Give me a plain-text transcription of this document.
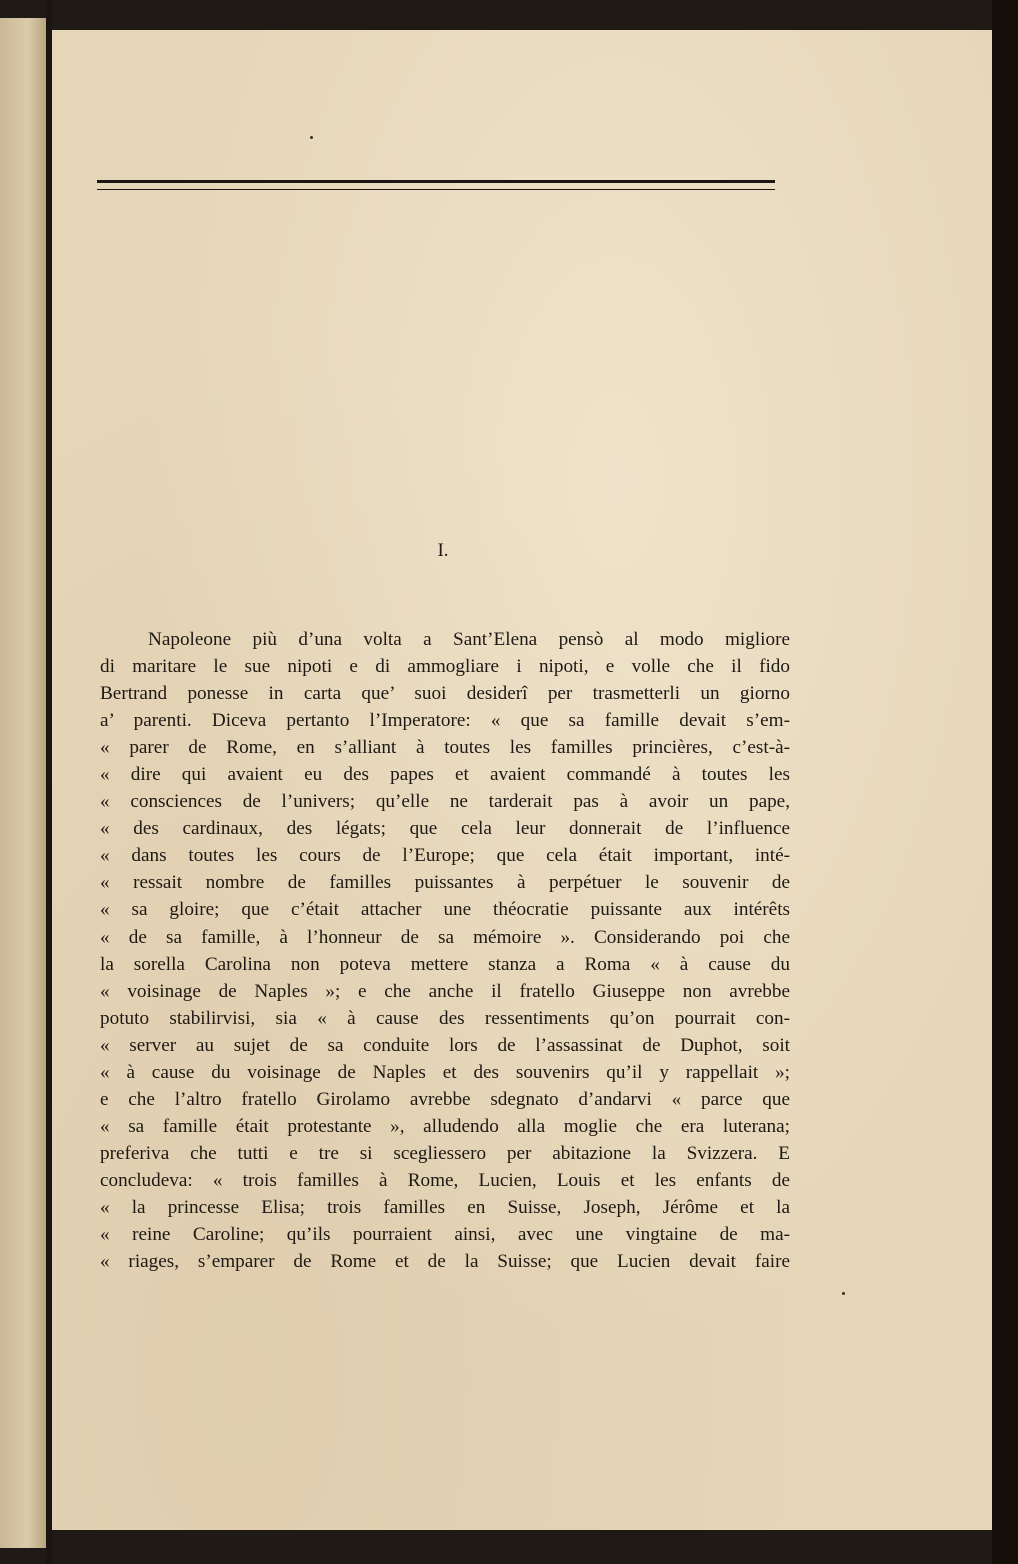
I.
Napoleone più d’una volta a Sant’Elena pensò al modo migliore
di maritare le sue nipoti e di ammogliare i nipoti, e volle che il fido
Bertrand ponesse in carta que’ suoi desiderî per trasmetterli un giorno
a’ parenti. Diceva pertanto l’Imperatore: « que sa famille devait s’em-
« parer de Rome, en s’alliant à toutes les familles princières, c’est-à-
« dire qui avaient eu des papes et avaient commandé à toutes les
« consciences de l’univers; qu’elle ne tarderait pas à avoir un pape,
« des cardinaux, des légats; que cela leur donnerait de l’influence
« dans toutes les cours de l’Europe; que cela était important, inté-
« ressait nombre de familles puissantes à perpétuer le souvenir de
« sa gloire; que c’était attacher une théocratie puissante aux intérêts
« de sa famille, à l’honneur de sa mémoire ». Considerando poi che
la sorella Carolina non poteva mettere stanza a Roma « à cause du
« voisinage de Naples »; e che anche il fratello Giuseppe non avrebbe
potuto stabilirvisi, sia « à cause des ressentiments qu’on pourrait con-
« server au sujet de sa conduite lors de l’assassinat de Duphot, soit
« à cause du voisinage de Naples et des souvenirs qu’il y rappellait »;
e che l’altro fratello Girolamo avrebbe sdegnato d’andarvi « parce que
« sa famille était protestante », alludendo alla moglie che era luterana;
preferiva che tutti e tre si scegliessero per abitazione la Svizzera. E
concludeva: « trois familles à Rome, Lucien, Louis et les enfants de
« la princesse Elisa; trois familles en Suisse, Joseph, Jérôme et la
« reine Caroline; qu’ils pourraient ainsi, avec une vingtaine de ma-
« riages, s’emparer de Rome et de la Suisse; que Lucien devait faire
